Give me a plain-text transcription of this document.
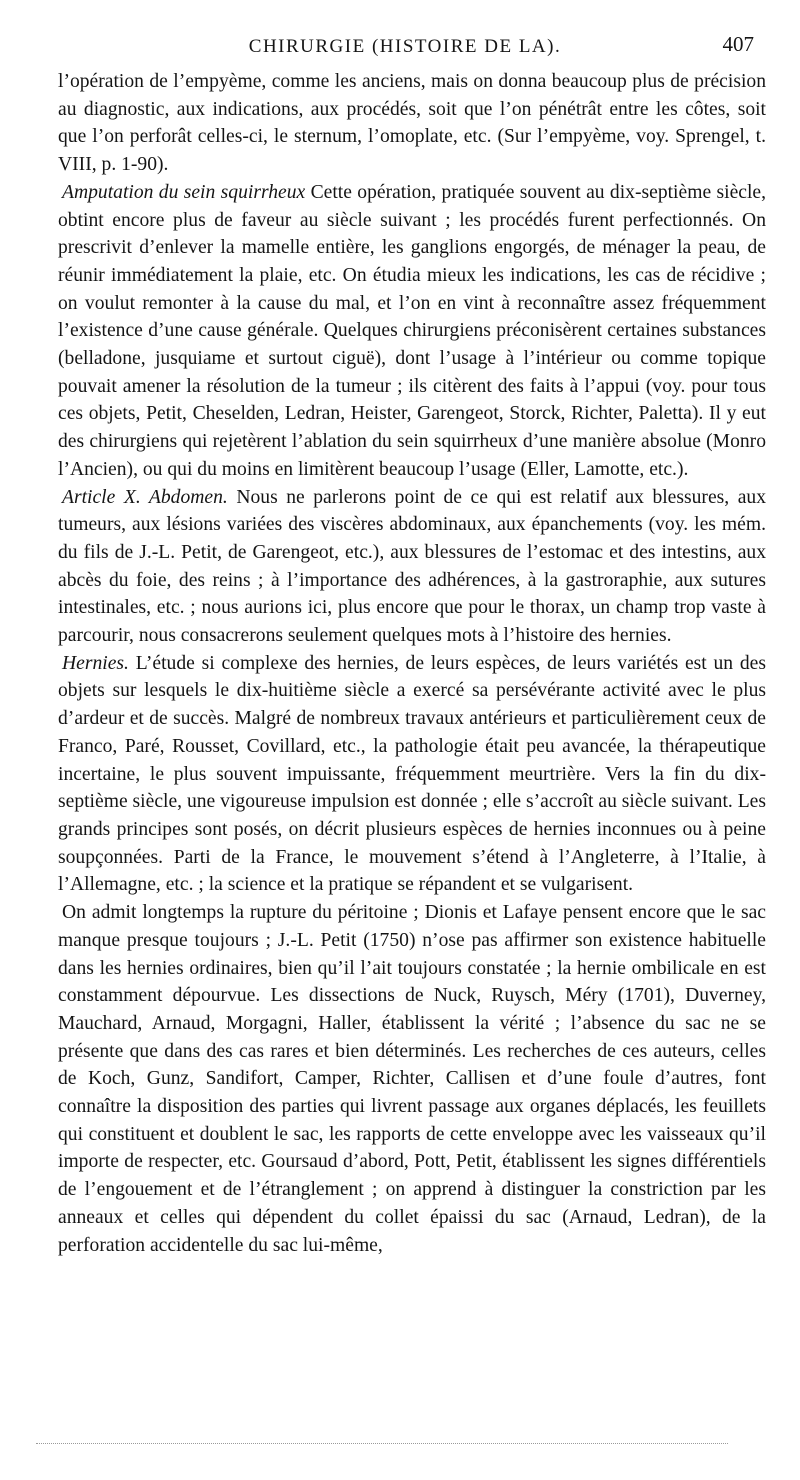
CHIRURGIE (HISTOIRE DE LA).	407

l’opération de l’empyème, comme les anciens, mais on donna beaucoup plus de précision au diagnostic, aux indications, aux procédés, soit que l’on pénétrât entre les côtes, soit que l’on perforât celles-ci, le sternum, l’omoplate, etc. (Sur l’empyème, voy. Sprengel, t. VIII, p. 1-90).

Amputation du sein squirrheux Cette opération, pratiquée souvent au dix-septième siècle, obtint encore plus de faveur au siècle suivant ; les procédés furent perfectionnés. On prescrivit d’enlever la mamelle entière, les ganglions engorgés, de ménager la peau, de réunir immédiatement la plaie, etc. On étudia mieux les indications, les cas de récidive ; on voulut remonter à la cause du mal, et l’on en vint à reconnaître assez fréquemment l’existence d’une cause générale. Quelques chirurgiens préconisèrent certaines substances (belladone, jusquiame et surtout ciguë), dont l’usage à l’intérieur ou comme topique pouvait amener la résolution de la tumeur ; ils citèrent des faits à l’appui (voy. pour tous ces objets, Petit, Cheselden, Ledran, Heister, Garengeot, Storck, Richter, Paletta). Il y eut des chirurgiens qui rejetèrent l’ablation du sein squirrheux d’une manière absolue (Monro l’Ancien), ou qui du moins en limitèrent beaucoup l’usage (Eller, Lamotte, etc.).

Article X. Abdomen. Nous ne parlerons point de ce qui est relatif aux blessures, aux tumeurs, aux lésions variées des viscères abdominaux, aux épanchements (voy. les mém. du fils de J.-L. Petit, de Garengeot, etc.), aux blessures de l’estomac et des intestins, aux abcès du foie, des reins ; à l’importance des adhérences, à la gastroraphie, aux sutures intestinales, etc. ; nous aurions ici, plus encore que pour le thorax, un champ trop vaste à parcourir, nous consacrerons seulement quelques mots à l’histoire des hernies.

Hernies. L’étude si complexe des hernies, de leurs espèces, de leurs variétés est un des objets sur lesquels le dix-huitième siècle a exercé sa persévérante activité avec le plus d’ardeur et de succès. Malgré de nombreux travaux antérieurs et particulièrement ceux de Franco, Paré, Rousset, Covillard, etc., la pathologie était peu avancée, la thérapeutique incertaine, le plus souvent impuissante, fréquemment meurtrière. Vers la fin du dix-septième siècle, une vigoureuse impulsion est donnée ; elle s’accroît au siècle suivant. Les grands principes sont posés, on décrit plusieurs espèces de hernies inconnues ou à peine soupçonnées. Parti de la France, le mouvement s’étend à l’Angleterre, à l’Italie, à l’Allemagne, etc. ; la science et la pratique se répandent et se vulgarisent.

On admit longtemps la rupture du péritoine ; Dionis et Lafaye pensent encore que le sac manque presque toujours ; J.-L. Petit (1750) n’ose pas affirmer son existence habituelle dans les hernies ordinaires, bien qu’il l’ait toujours constatée ; la hernie ombilicale en est constamment dépourvue. Les dissections de Nuck, Ruysch, Méry (1701), Duverney, Mauchard, Arnaud, Morgagni, Haller, établissent la vérité ; l’absence du sac ne se présente que dans des cas rares et bien déterminés. Les recherches de ces auteurs, celles de Koch, Gunz, Sandifort, Camper, Richter, Callisen et d’une foule d’autres, font connaître la disposition des parties qui livrent passage aux organes déplacés, les feuillets qui constituent et doublent le sac, les rapports de cette enveloppe avec les vaisseaux qu’il importe de respecter, etc. Goursaud d’abord, Pott, Petit, établissent les signes différentiels de l’engouement et de l’étranglement ; on apprend à distinguer la constriction par les anneaux et celles qui dépendent du collet épaissi du sac (Arnaud, Ledran), de la perforation accidentelle du sac lui-même,
